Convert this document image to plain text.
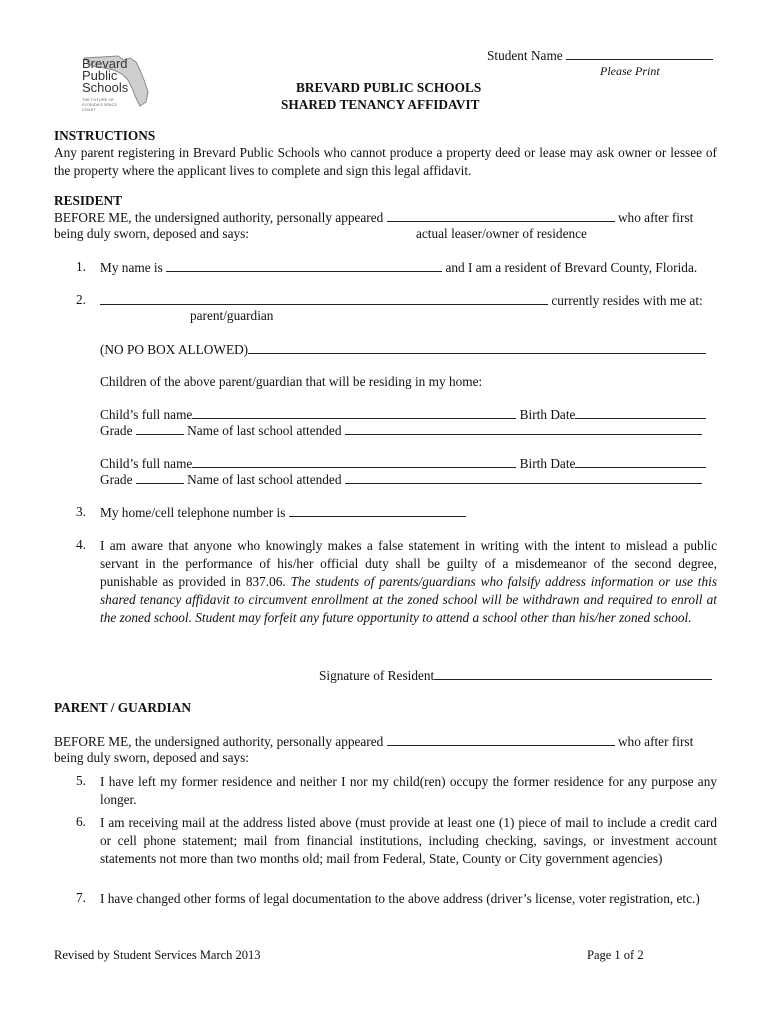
Brevard
Public
Schools
THE FUTURE OF FLORIDA'S SPACE COAST
Student Name
Please Print
BREVARD PUBLIC SCHOOLS
SHARED TENANCY AFFIDAVIT
INSTRUCTIONS
Any parent registering in Brevard Public Schools who cannot produce a property deed or lease may ask owner or lessee of the property where the applicant lives to complete and sign this legal affidavit.
RESIDENT
BEFORE ME, the undersigned authority, personally appeared	who after first
being duly sworn, deposed and says:	actual leaser/owner of residence
1. My name is	and I am a resident of Brevard County, Florida.
2.	currently resides with me at:
parent/guardian
(NO PO BOX ALLOWED)
Children of the above parent/guardian that will be residing in my home:
Child’s full name	Birth Date
Grade	Name of last school attended
Child’s full name	Birth Date
Grade	Name of last school attended
3. My home/cell telephone number is
4. I am aware that anyone who knowingly makes a false statement in writing with the intent to mislead a public servant in the performance of his/her official duty shall be guilty of a misdemeanor of the second degree, punishable as provided in 837.06. The students of parents/guardians who falsify address information or use this shared tenancy affidavit to circumvent enrollment at the zoned school will be withdrawn and required to enroll at the zoned school. Student may forfeit any future opportunity to attend a school other than his/her zoned school.
Signature of Resident
PARENT / GUARDIAN
BEFORE ME, the undersigned authority, personally appeared	who after first
being duly sworn, deposed and says:
5. I have left my former residence and neither I nor my child(ren) occupy the former residence for any purpose any longer.
6. I am receiving mail at the address listed above (must provide at least one (1) piece of mail to include a credit card or cell phone statement; mail from financial institutions, including checking, savings, or investment account statements not more than two months old; mail from Federal, State, County or City government agencies)
7. I have changed other forms of legal documentation to the above address (driver’s license, voter registration, etc.)
Revised by Student Services March 2013	Page 1 of 2
